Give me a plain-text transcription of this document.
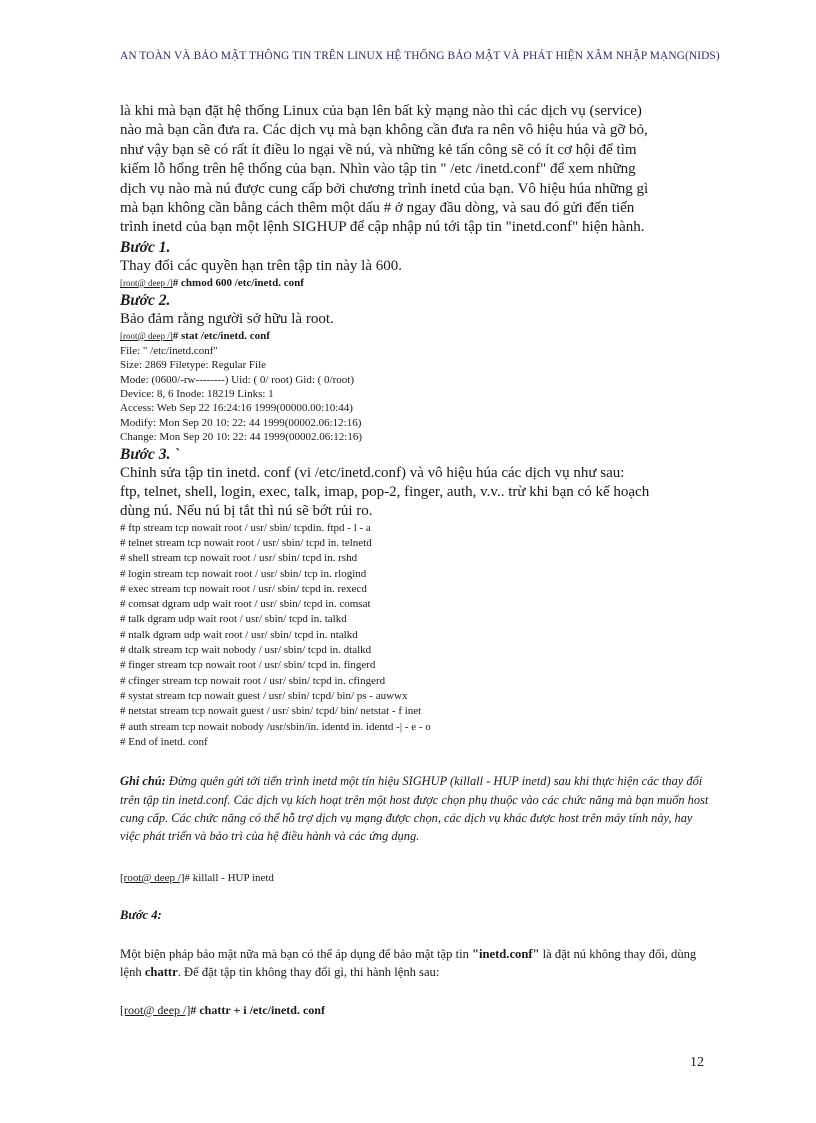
AN TOÀN VÀ BẢO MẬT THÔNG TIN TRÊN LINUX HỆ THỐNG BẢO MẬT VÀ PHÁT HIỆN XÂM NHẬP MẠNG(NIDS)

là khi mà bạn đặt hệ thống Linux của bạn lên bất kỳ mạng nào thì các dịch vụ (service)

nào mà bạn cần đưa ra. Các dịch vụ mà bạn không cần đưa ra nên vô hiệu húa và gỡ bỏ,

như vậy bạn sẽ có rất ít điều lo ngại về nú, và những kẻ tấn công sẽ có ít cơ hội để tìm

kiếm lỗ hổng trên hệ thống của bạn. Nhìn vào tập tin " /etc /inetd.conf" để xem những

dịch vụ nào mà nú được cung cấp bởi chương trình inetd của bạn. Vô hiệu húa những gì

mà bạn không cần bằng cách thêm một dấu # ở ngay đầu dòng, và sau đó gửi đến tiến

trình inetd của bạn một lệnh SIGHUP để cập nhập nú tới tập tin "inetd.conf" hiện hành.

Bước 1.

Thay đổi các quyền hạn trên tập tin này là 600.

[root@ deep /]# chmod 600 /etc/inetd. conf

Bước 2.

Bảo đảm rằng người sở hữu là root.

[root@ deep /]# stat /etc/inetd. conf

File: " /etc/inetd.conf"

Size: 2869 Filetype: Regular File

Mode: (0600/-rw--------) Uid: ( 0/ root) Gid: ( 0/root)

Device: 8, 6 Inode: 18219 Links: 1

Access: Web Sep 22 16:24:16 1999(00000.00:10:44)

Modify: Mon Sep 20 10: 22: 44 1999(00002.06:12:16)

Change: Mon Sep 20 10: 22: 44 1999(00002.06:12:16)

Bước 3. `

Chỉnh sửa tập tin inetd. conf (vi /etc/inetd.conf) và vô hiệu húa các dịch vụ như sau:

ftp, telnet, shell, login, exec, talk, imap, pop-2, finger, auth, v.v.. trừ khi bạn có kế hoạch

dùng nú. Nếu nú bị tắt thì nú sẽ bớt rủi ro.

# ftp stream tcp nowait root / usr/ sbin/ tcpdin. ftpd - l - a

# telnet stream tcp nowait root / usr/ sbin/ tcpd in. telnetd

# shell stream tcp nowait root / usr/ sbin/ tcpd in. rshd

# login stream tcp nowait root / usr/ sbin/ tcp in. rlogind

# exec stream tcp nowait root / usr/ sbin/ tcpd in. rexecd

# comsat dgram udp wait root / usr/ sbin/ tcpd in. comsat

# talk dgram udp wait root / usr/ sbin/ tcpd in. talkd

# ntalk dgram udp wait root / usr/ sbin/ tcpd in. ntalkd

# dtalk stream tcp wait nobody / usr/ sbin/ tcpd in. dtalkd

# finger stream tcp nowait root / usr/ sbin/ tcpd in. fingerd

# cfinger stream tcp nowait root / usr/ sbin/ tcpd in. cfingerd

# systat stream tcp nowait guest / usr/ sbin/ tcpd/ bin/ ps - auwwx

# netstat stream tcp nowait guest / usr/ sbin/ tcpd/ bin/ netstat - f inet

# auth stream tcp nowait nobody /usr/sbin/in. identd in. identd -| - e - o

# End of inetd. conf

Ghi chú: Đừng quên gửi tới tiến trình inetd một tín hiệu SIGHUP (killall - HUP inetd) sau khi thực hiện các thay đổi trên tập tin inetd.conf. Các dịch vụ kích hoạt trên một host được chọn phụ thuộc vào các chức năng mà bạn muốn host cung cấp. Các chức năng có thể hỗ trợ dịch vụ mạng được chọn, các dịch vụ khác được host trên máy tính này, hay việc phát triển và bảo trì của hệ điều hành và các ứng dụng.

[root@ deep /]# killall - HUP inetd

Bước 4:

Một biện pháp bảo mật nữa mà bạn có thể áp dụng để bảo mật tập tin "inetd.conf" là đặt nú không thay đổi, dùng lệnh chattr. Để đặt tập tin không thay đổi gì, thi hành lệnh sau:

[root@ deep /]# chattr + i /etc/inetd. conf

12
